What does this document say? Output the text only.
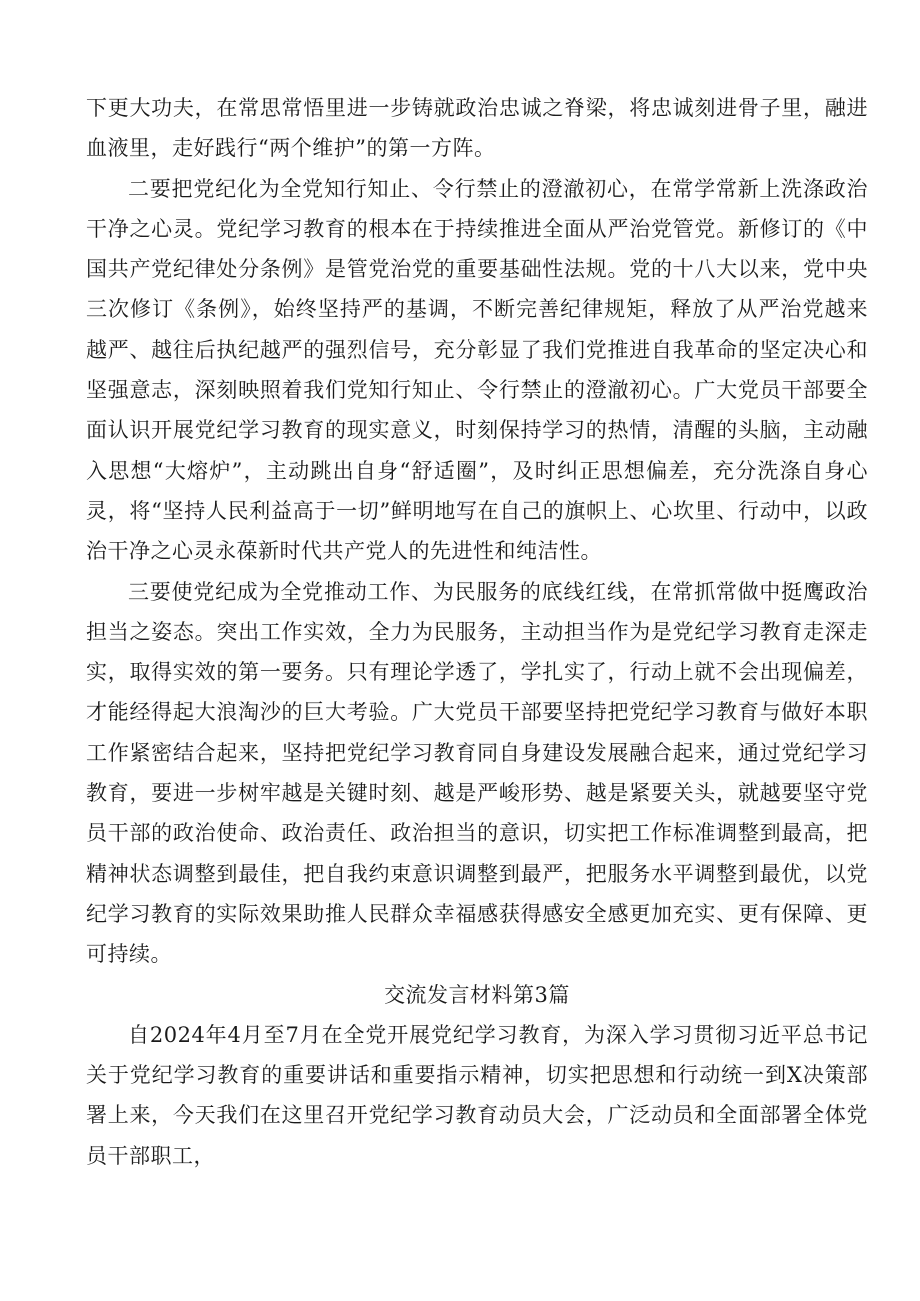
下更大功夫，在常思常悟里进一步铸就政治忠诚之脊梁，将忠诚刻进骨子里，融进血液里，走好践行“两个维护”的第一方阵。

二要把党纪化为全党知行知止、令行禁止的澄澈初心，在常学常新上洗涤政治干净之心灵。党纪学习教育的根本在于持续推进全面从严治党管党。新修订的《中国共产党纪律处分条例》是管党治党的重要基础性法规。党的十八大以来，党中央三次修订《条例》，始终坚持严的基调，不断完善纪律规矩，释放了从严治党越来越严、越往后执纪越严的强烈信号，充分彰显了我们党推进自我革命的坚定决心和坚强意志，深刻映照着我们党知行知止、令行禁止的澄澈初心。广大党员干部要全面认识开展党纪学习教育的现实意义，时刻保持学习的热情，清醒的头脑，主动融入思想“大熔炉”，主动跳出自身“舒适圈”，及时纠正思想偏差，充分洗涤自身心灵，将“坚持人民利益高于一切”鲜明地写在自己的旗帜上、心坎里、行动中，以政治干净之心灵永葆新时代共产党人的先进性和纯洁性。

三要使党纪成为全党推动工作、为民服务的底线红线，在常抓常做中挺鹰政治担当之姿态。突出工作实效，全力为民服务，主动担当作为是党纪学习教育走深走实，取得实效的第一要务。只有理论学透了，学扎实了，行动上就不会出现偏差，才能经得起大浪淘沙的巨大考验。广大党员干部要坚持把党纪学习教育与做好本职工作紧密结合起来，坚持把党纪学习教育同自身建设发展融合起来，通过党纪学习教育，要进一步树牢越是关键时刻、越是严峻形势、越是紧要关头，就越要坚守党员干部的政治使命、政治责任、政治担当的意识，切实把工作标准调整到最高，把精神状态调整到最佳，把自我约束意识调整到最严，把服务水平调整到最优，以党纪学习教育的实际效果助推人民群众幸福感获得感安全感更加充实、更有保障、更可持续。

交流发言材料第3篇

自2024年4月至7月在全党开展党纪学习教育，为深入学习贯彻习近平总书记关于党纪学习教育的重要讲话和重要指示精神，切实把思想和行动统一到X决策部署上来，今天我们在这里召开党纪学习教育动员大会，广泛动员和全面部署全体党员干部职工，
